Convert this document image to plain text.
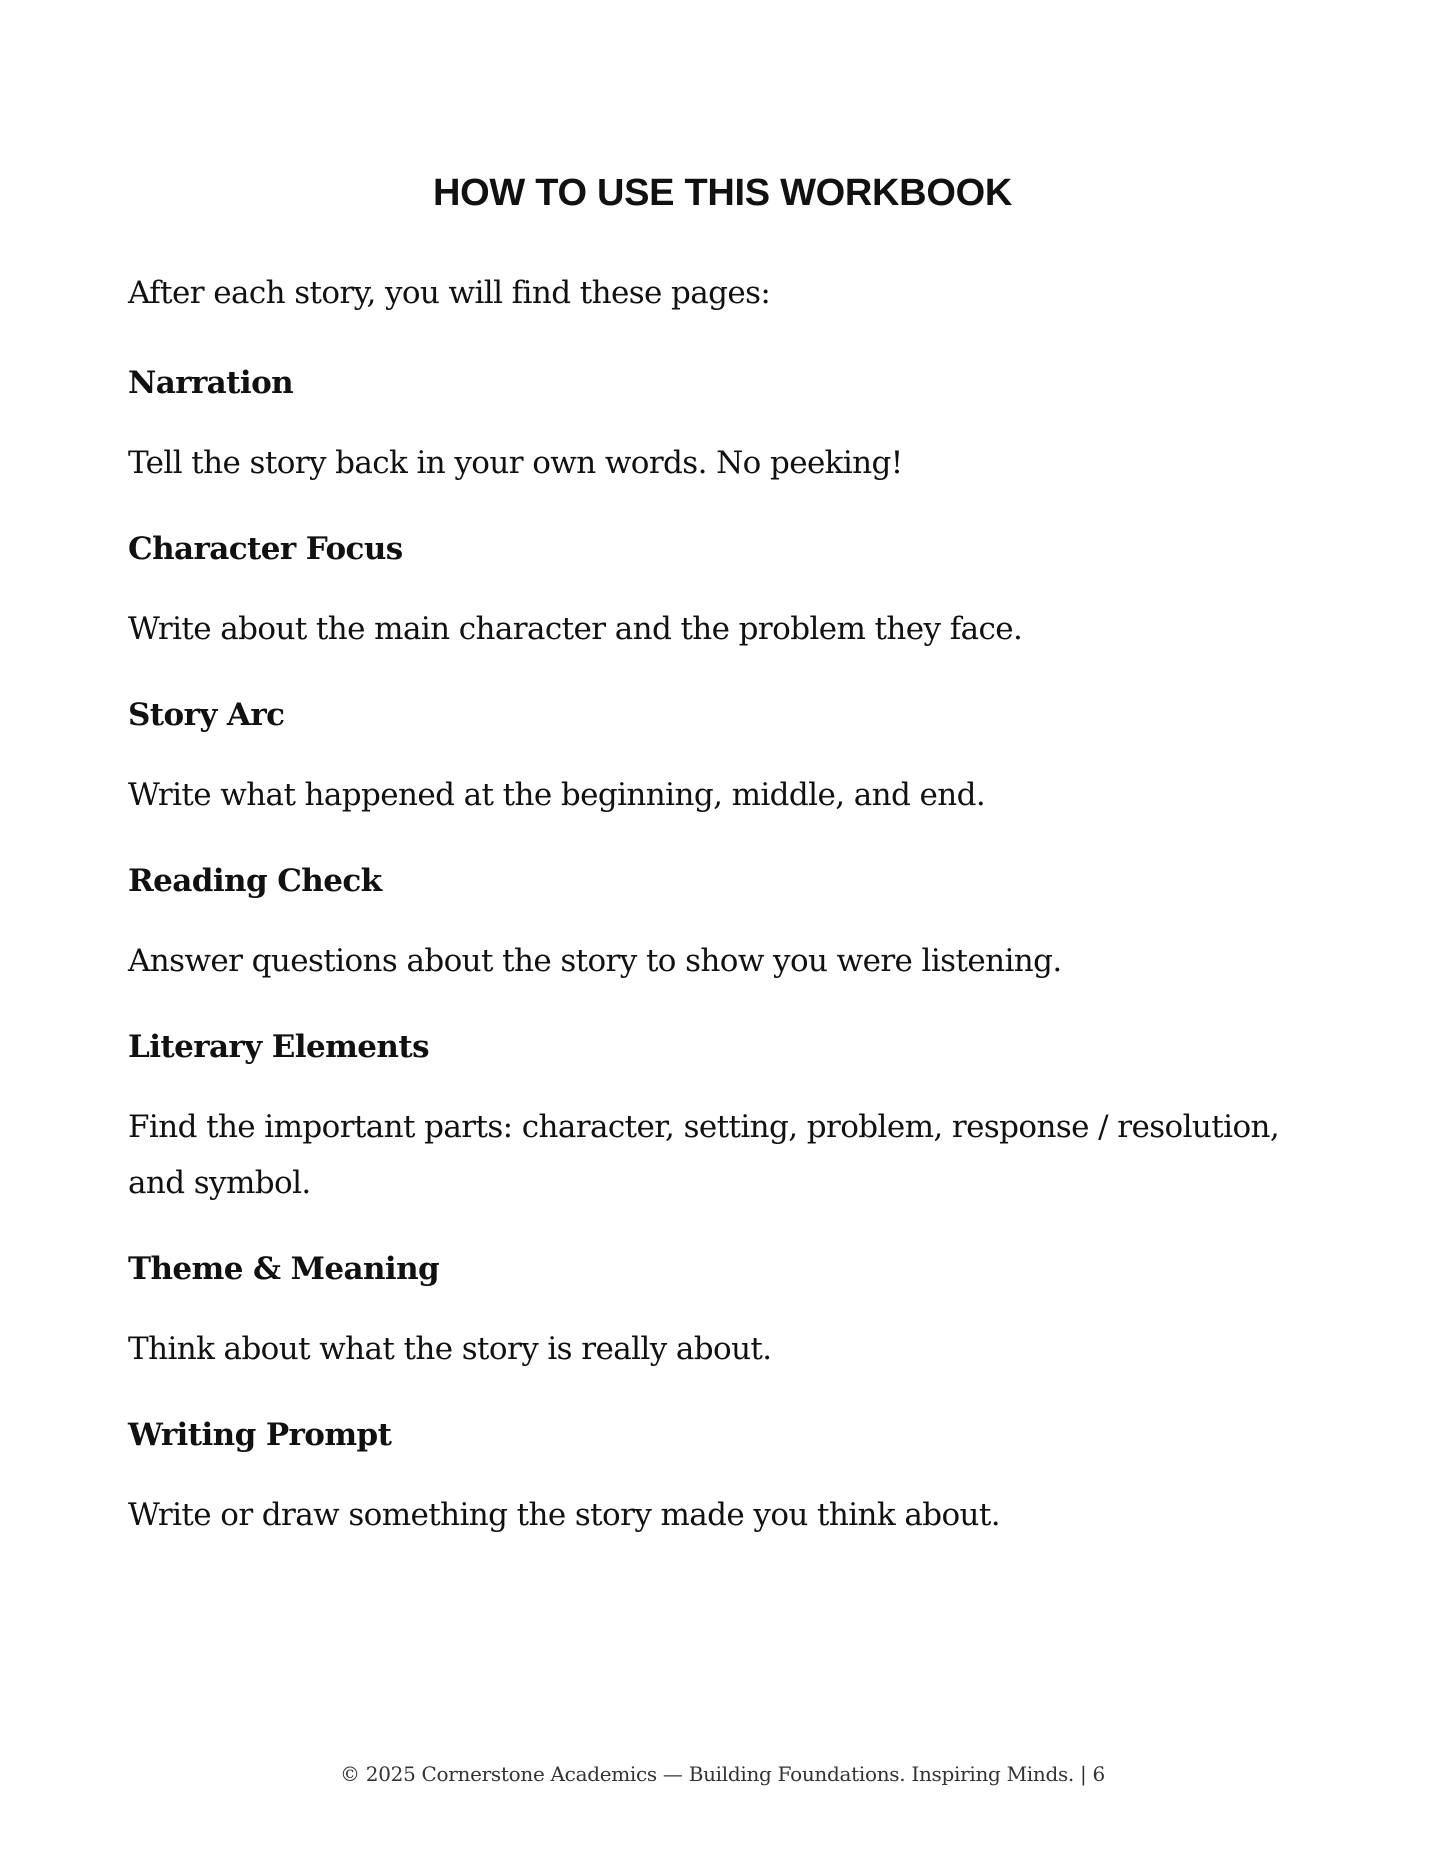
HOW TO USE THIS WORKBOOK

After each story, you will find these pages:

Narration

Tell the story back in your own words. No peeking!

Character Focus

Write about the main character and the problem they face.

Story Arc

Write what happened at the beginning, middle, and end.

Reading Check

Answer questions about the story to show you were listening.

Literary Elements

Find the important parts: character, setting, problem, response / resolution, and symbol.

Theme & Meaning

Think about what the story is really about.

Writing Prompt

Write or draw something the story made you think about.

© 2025 Cornerstone Academics — Building Foundations. Inspiring Minds. | 6
